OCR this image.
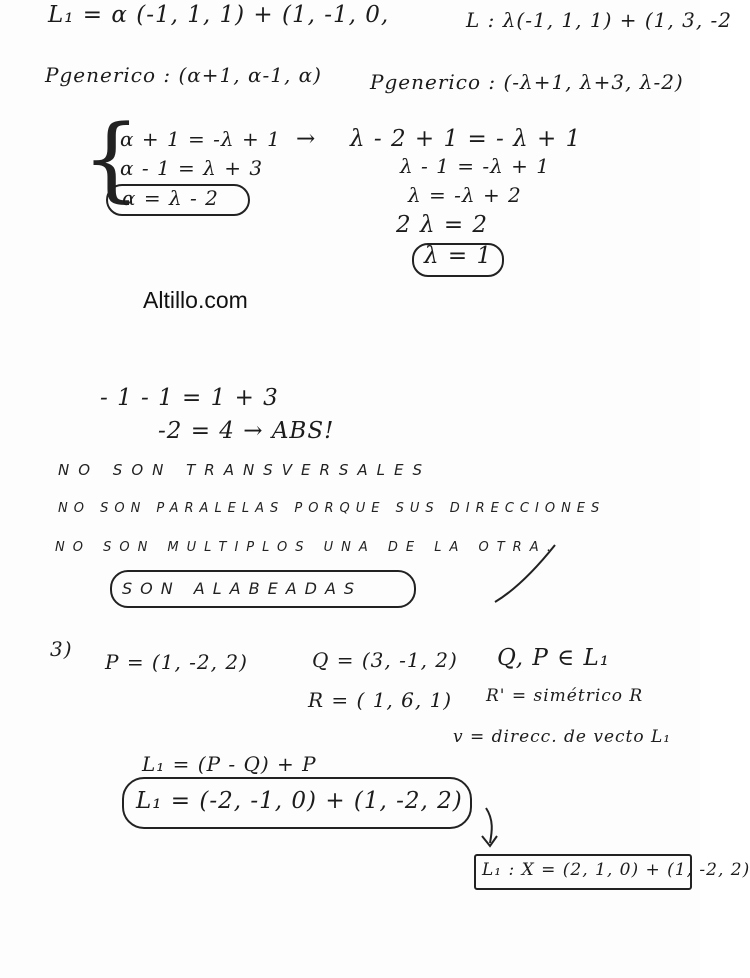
L₁ = α (-1, 1, 1) + (1, -1, 0,	L : λ(-1, 1, 1) + (1, 3, -2
Pgenerico : (α+1, α-1, α) Pgenerico : (-λ+1, λ+3, λ-2)
{
α + 1 = -λ + 1
α - 1 = λ + 3
α = λ - 2
→ λ - 2 + 1 = - λ + 1
λ - 1 = -λ + 1
λ = -λ + 2
2 λ = 2
λ = 1
Altillo.com
- 1 - 1 = 1 + 3
-2 = 4 → ABS!
NO SON TRANSVERSALES
NO SON PARALELAS PORQUE SUS DIRECCIONES
NO SON MULTIPLOS UNA DE LA OTRA.
SON ALABEADAS
3)
P = (1, -2, 2)	Q = (3, -1, 2) Q, P ∈ L₁
R = ( 1, 6, 1) R' = simétrico R
v = direcc. de vecto L₁
L₁ = (P - Q) + P
L₁ = (-2, -1, 0) + (1, -2, 2)
L₁ : X = (2, 1, 0) + (1, -2, 2)
